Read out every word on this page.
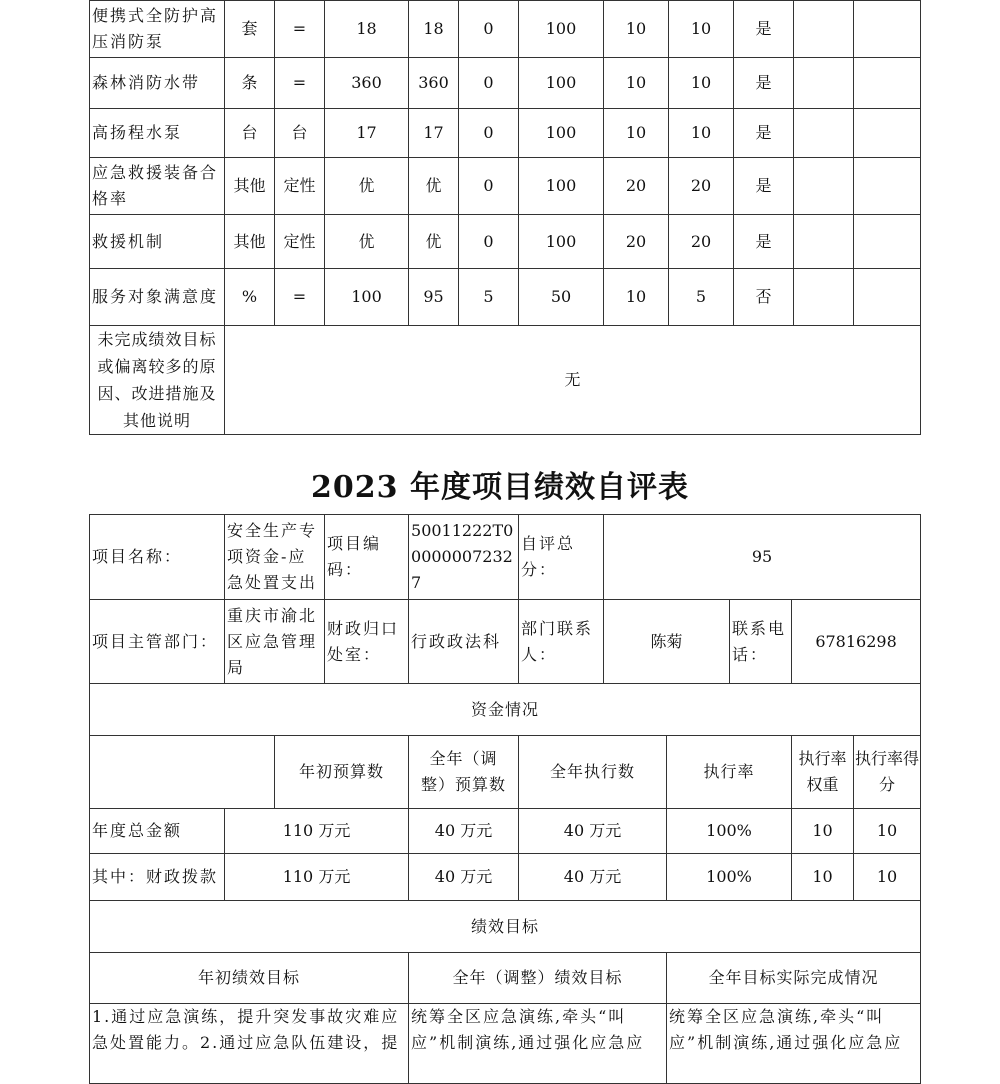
便携式全防护高压消防泵	套	=	18	18	0	100	10	10	是		
森林消防水带	条	=	360	360	0	100	10	10	是		
高扬程水泵	台	台	17	17	0	100	10	10	是		
应急救援装备合格率	其他	定性	优	优	0	100	20	20	是		
救援机制	其他	定性	优	优	0	100	20	20	是		
服务对象满意度	%	=	100	95	5	50	10	5	否		
未完成绩效目标或偏离较多的原因、改进措施及其他说明	无										
2023 年度项目绩效自评表
项目名称：	安全生产专项资金-应急处置支出		项目编码：	50011222T000000072327	自评总分：	95				
项目主管部门：	重庆市渝北区应急管理局		财政归口处室：	行政政法科	部门联系人：	陈菊		联系电话：	67816298	
资金情况										
		年初预算数		全年（调整）预算数	全年执行数		执行率		执行率权重	执行率得分
年度总金额	110 万元			40 万元	40 万元		100%		10	10
其中：财政拨款	110 万元			40 万元	40 万元		100%		10	10
绩效目标										
年初绩效目标				全年（调整）绩效目标			全年目标实际完成情况			
1.通过应急演练，提升突发事故灾难应急处置能力。2.通过应急队伍建设，提				统筹全区应急演练,牵头“叫应”机制演练,通过强化应急应			统筹全区应急演练,牵头“叫应”机制演练,通过强化应急应			
